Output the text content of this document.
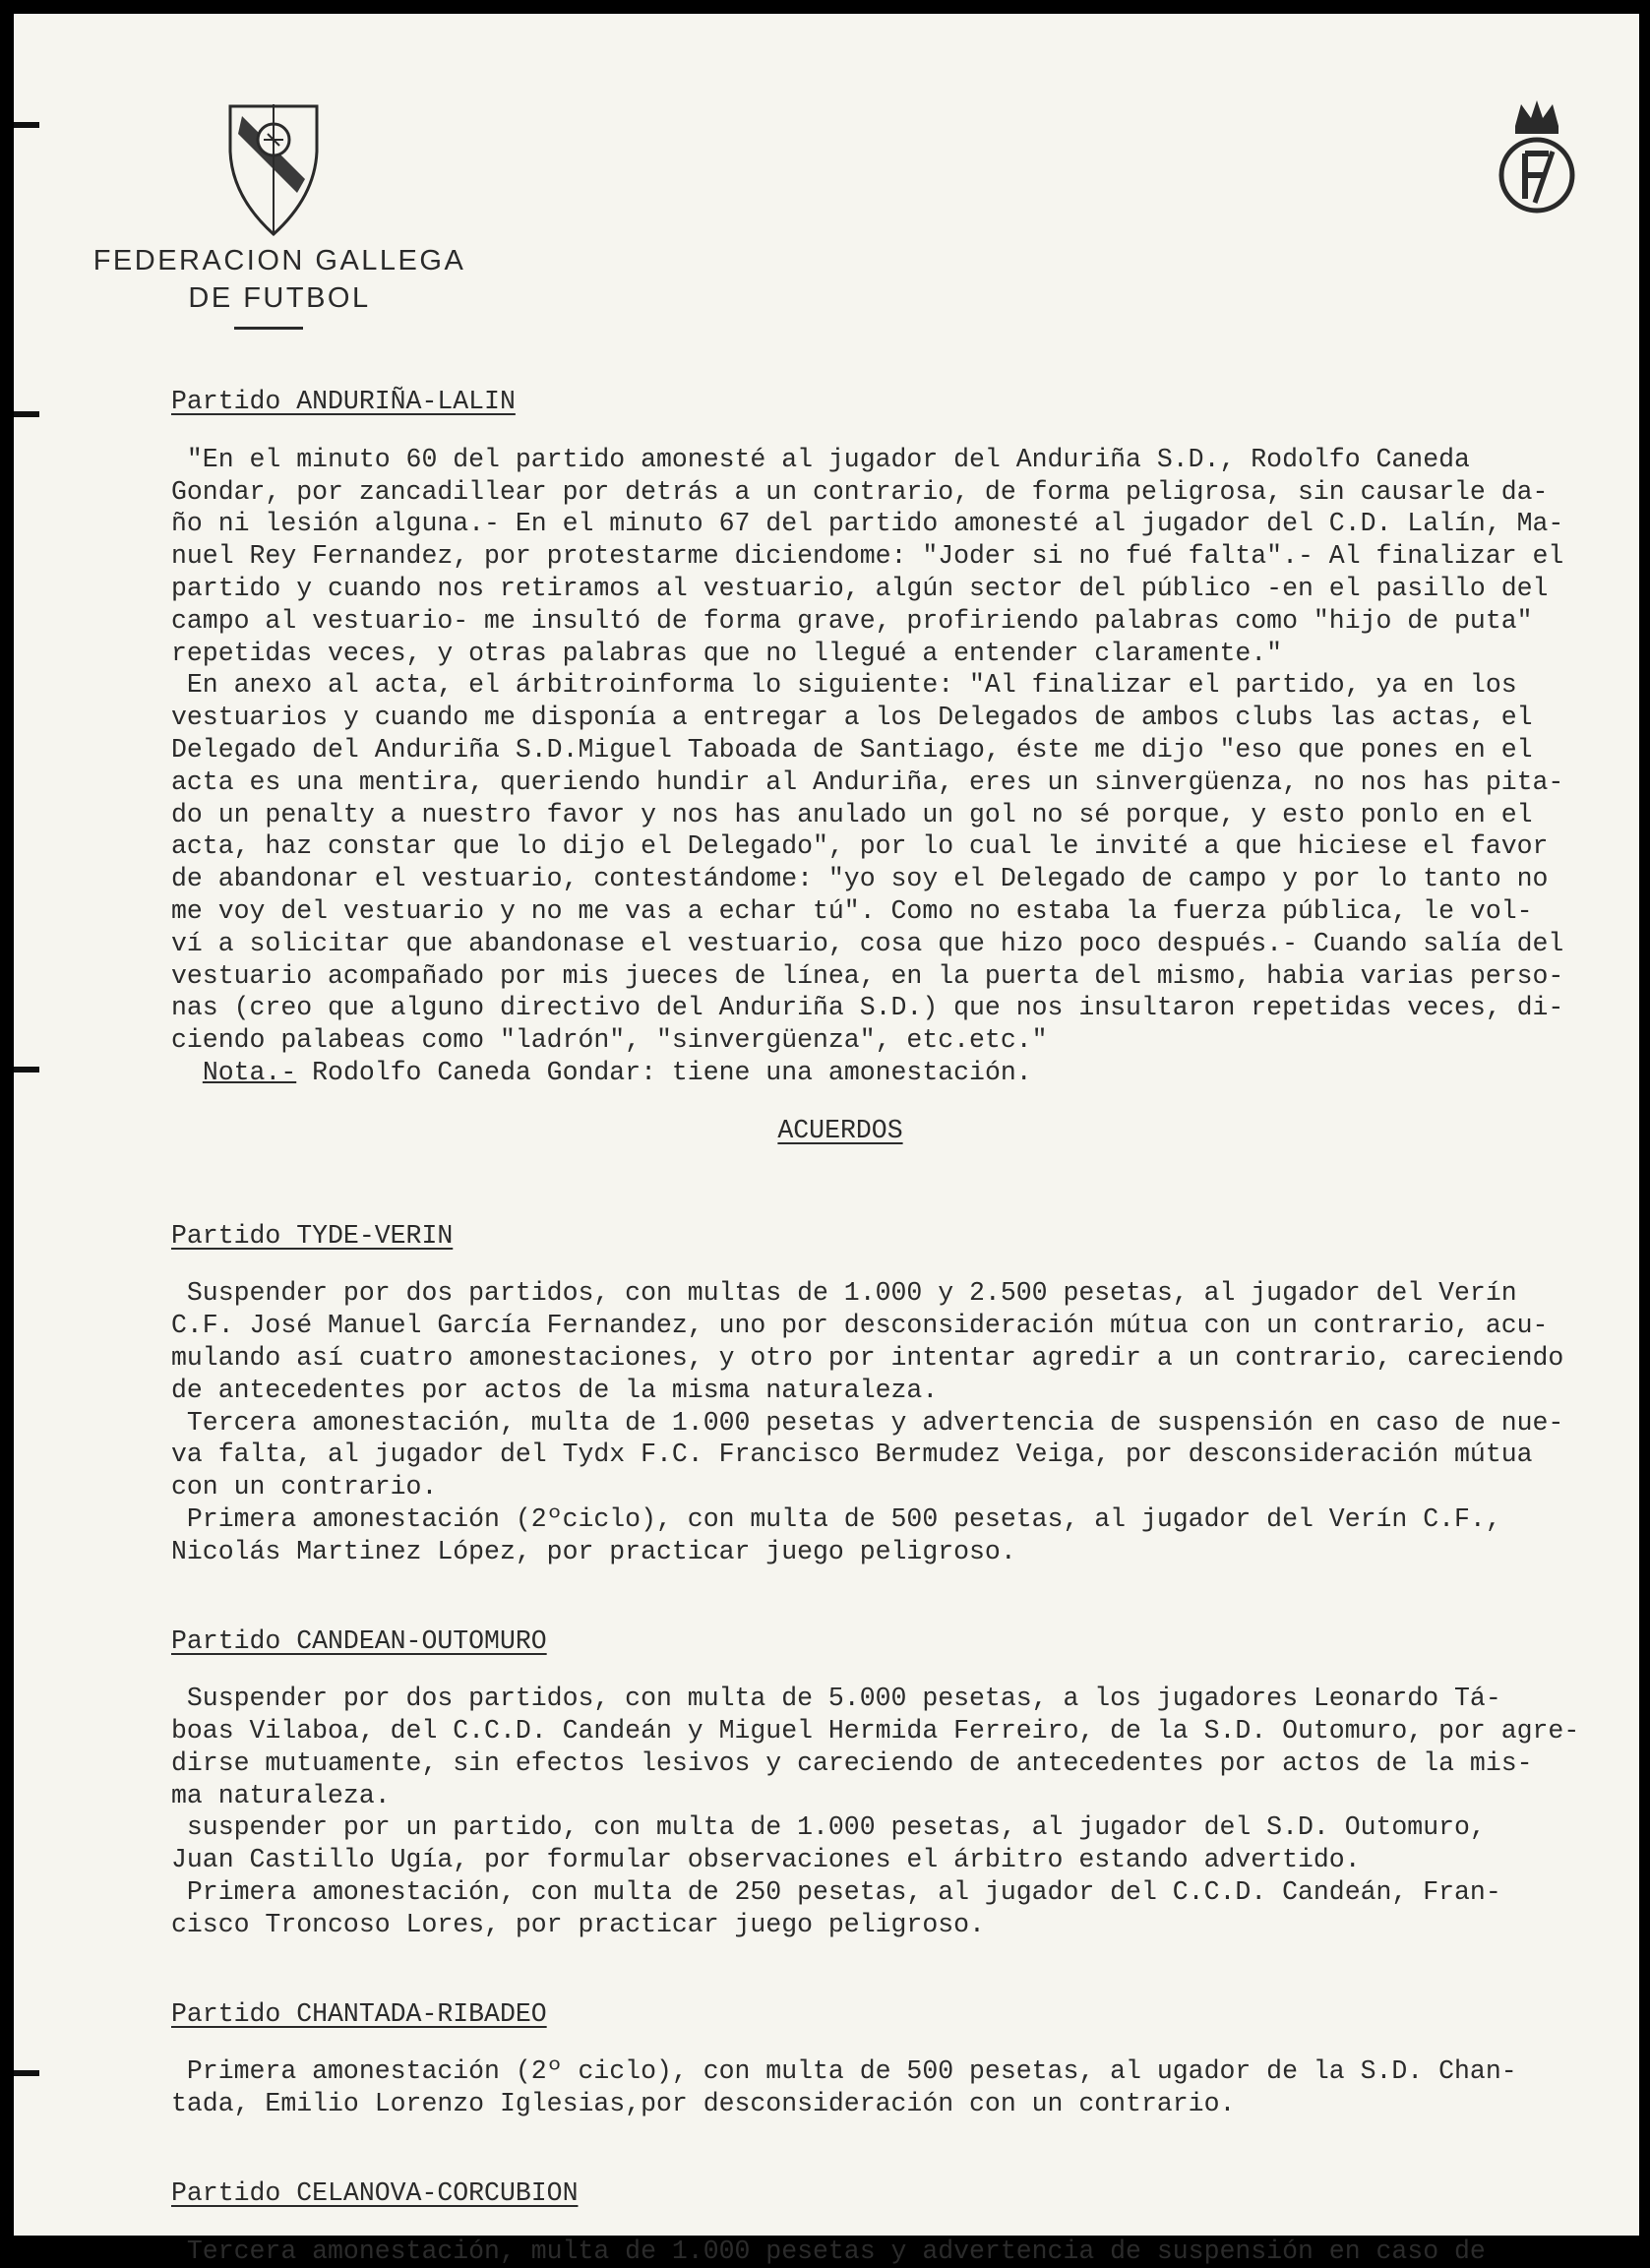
FEDERACION GALLEGA
DE FUTBOL
Partido ANDURIÑA-LALIN
"En el minuto 60 del partido amonesté al jugador del Anduriña S.D., Rodolfo Caneda
Gondar, por zancadillear por detrás a un contrario, de forma peligrosa, sin causarle da-
ño ni lesión alguna.- En el minuto 67 del partido amonesté al jugador del C.D. Lalín, Ma-
nuel Rey Fernandez, por protestarme diciendome: "Joder si no fué falta".- Al finalizar el
partido y cuando nos retiramos al vestuario, algún sector del público -en el pasillo del
campo al vestuario- me insultó de forma grave, profiriendo palabras como "hijo de puta"
repetidas veces, y otras palabras que no llegué a entender claramente."
En anexo al acta, el árbitroinforma lo siguiente: "Al finalizar el partido, ya en los
vestuarios y cuando me disponía a entregar a los Delegados de ambos clubs las actas, el
Delegado del Anduriña S.D.Miguel Taboada de Santiago, éste me dijo "eso que pones en el
acta es una mentira, queriendo hundir al Anduriña, eres un sinvergüenza, no nos has pita-
do un penalty a nuestro favor y nos has anulado un gol no sé porque, y esto ponlo en el
acta, haz constar que lo dijo el Delegado", por lo cual le invité a que hiciese el favor
de abandonar el vestuario, contestándome: "yo soy el Delegado de campo y por lo tanto no
me voy del vestuario y no me vas a echar tú". Como no estaba la fuerza pública, le vol-
ví a solicitar que abandonase el vestuario, cosa que hizo poco después.- Cuando salía del
vestuario acompañado por mis jueces de línea, en la puerta del mismo, habia varias perso-
nas (creo que alguno directivo del Anduriña S.D.) que nos insultaron repetidas veces, di-
ciendo palabeas como "ladrón", "sinvergüenza", etc.etc."
Nota.- Rodolfo Caneda Gondar: tiene una amonestación.
ACUERDOS
Partido TYDE-VERIN
Suspender por dos partidos, con multas de 1.000 y 2.500 pesetas, al jugador del Verín
C.F. José Manuel García Fernandez, uno por desconsideración mútua con un contrario, acu-
mulando así cuatro amonestaciones, y otro por intentar agredir a un contrario, careciendo
de antecedentes por actos de la misma naturaleza.
Tercera amonestación, multa de 1.000 pesetas y advertencia de suspensión en caso de nue-
va falta, al jugador del Tydx F.C. Francisco Bermudez Veiga, por desconsideración mútua
con un contrario.
Primera amonestación (2ºciclo), con multa de 500 pesetas, al jugador del Verín C.F.,
Nicolás Martinez López, por practicar juego peligroso.
Partido CANDEAN-OUTOMURO
Suspender por dos partidos, con multa de 5.000 pesetas, a los jugadores Leonardo Tá-
boas Vilaboa, del C.C.D. Candeán y Miguel Hermida Ferreiro, de la S.D. Outomuro, por agre-
dirse mutuamente, sin efectos lesivos y careciendo de antecedentes por actos de la mis-
ma naturaleza.
suspender por un partido, con multa de 1.000 pesetas, al jugador del S.D. Outomuro,
Juan Castillo Ugía, por formular observaciones el árbitro estando advertido.
Primera amonestación, con multa de 250 pesetas, al jugador del C.C.D. Candeán, Fran-
cisco Troncoso Lores, por practicar juego peligroso.
Partido CHANTADA-RIBADEO
Primera amonestación (2º ciclo), con multa de 500 pesetas, al ugador de la S.D. Chan-
tada, Emilio Lorenzo Iglesias,por desconsideración con un contrario.
Partido CELANOVA-CORCUBION
Tercera amonestación, multa de 1.000 pesetas y advertencia de suspensión en caso de
